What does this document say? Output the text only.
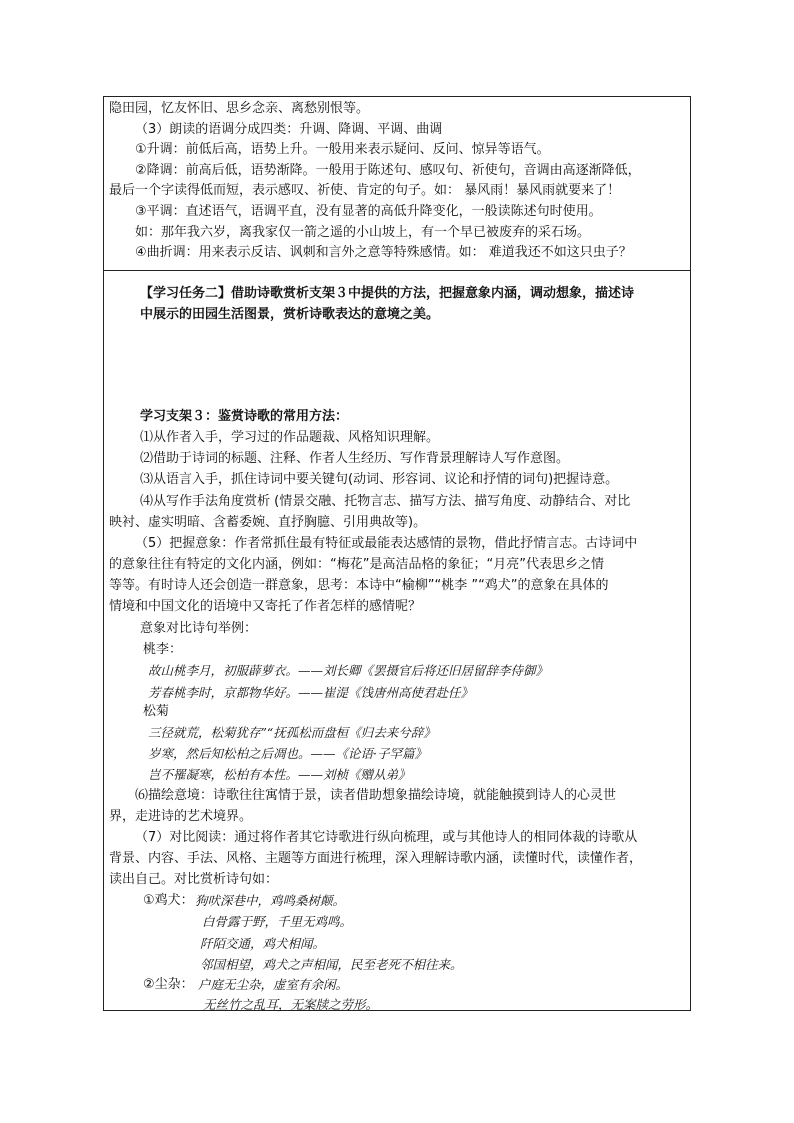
隐田园，忆友怀旧、思乡念亲、离愁别恨等。
（3）朗读的语调分成四类：升调、降调、平调、曲调
①升调：前低后高，语势上升。一般用来表示疑问、反问、惊异等语气。
②降调：前高后低，语势渐降。一般用于陈述句、感叹句、祈使句，音调由高逐渐降低，
最后一个字读得低而短，表示感叹、祈使、肯定的句子。如： 暴风雨！暴风雨就要来了！
③平调：直述语气，语调平直，没有显著的高低升降变化，一般读陈述句时使用。
如：那年我六岁，离我家仅一箭之遥的小山坡上，有一个早已被废弃的采石场。
④曲折调：用来表示反诘、讽刺和言外之意等特殊感情。如： 难道我还不如这只虫子？
【学习任务二】借助诗歌赏析支架３中提供的方法，把握意象内涵，调动想象，描述诗
中展示的田园生活图景，赏析诗歌表达的意境之美。
学习支架３：鉴赏诗歌的常用方法：
⑴从作者入手，学习过的作品题裁、风格知识理解。
⑵借助于诗词的标题、注释、作者人生经历、写作背景理解诗人写作意图。
⑶从语言入手，抓住诗词中要关键句(动词、形容词、议论和抒情的词句)把握诗意。
⑷从写作手法角度赏析 (情景交融、托物言志、描写方法、描写角度、动静结合、对比
映衬、虚实明暗、含蓄委婉、直抒胸臆、引用典故等)。
（5）把握意象：作者常抓住最有特征或最能表达感情的景物，借此抒情言志。古诗词中
的意象往往有特定的文化内涵，例如：“梅花”是高洁品格的象征；“月亮”代表思乡之情
等等。有时诗人还会创造一群意象，思考：本诗中“榆柳”“桃李 ”“鸡犬”的意象在具体的
情境和中国文化的语境中又寄托了作者怎样的感情呢？
意象对比诗句举例：
桃李：
故山桃李月，初服薜萝衣。——刘长卿《罢摄官后将还旧居留辞李侍御》
芳春桃李时，京都物华好。——崔湜《饯唐州高使君赴任》
松菊
三径就荒，松菊犹存”“抚孤松而盘桓《归去来兮辞》
岁寒，然后知松柏之后凋也。——《论语·子罕篇》
岂不罹凝寒，松柏有本性。——刘桢《赠从弟》
⑹描绘意境：诗歌往往寓情于景，读者借助想象描绘诗境，就能触摸到诗人的心灵世
界，走进诗的艺术境界。
（7）对比阅读：通过将作者其它诗歌进行纵向梳理，或与其他诗人的相同体裁的诗歌从
背景、内容、手法、风格、主题等方面进行梳理，深入理解诗歌内涵，读懂时代，读懂作者，
读出自己。对比赏析诗句如：
①鸡犬： 狗吠深巷中，鸡鸣桑树颠。
白骨露于野，千里无鸡鸣。
阡陌交通，鸡犬相闻。
邻国相望，鸡犬之声相闻，民至老死不相往来。
②尘杂： 户庭无尘杂，虚室有余闲。
无丝竹之乱耳，无案牍之劳形。
